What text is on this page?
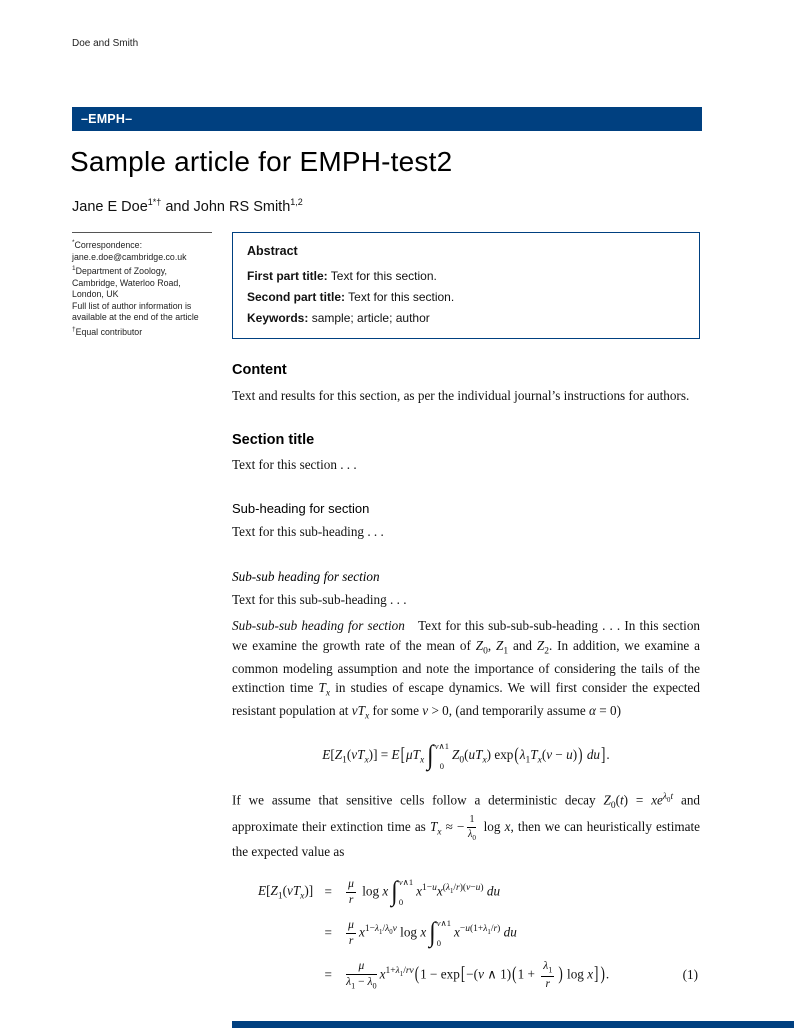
Doe and Smith
–EMPH–
Sample article for EMPH-test2
Jane E Doe$^{1*\dagger}$ and John RS Smith$^{1,2}$
*Correspondence:
jane.e.doe@cambridge.co.uk
$^1$Department of Zoology,
Cambridge, Waterloo Road,
London, UK
Full list of author information is
available at the end of the article
†Equal contributor
Abstract
First part title: Text for this section.
Second part title: Text for this section.
Keywords: sample; article; author
Content

Text and results for this section, as per the individual journal’s instructions for authors.

Section title

Text for this section . . .

Sub-heading for section

Text for this sub-heading . . .

Sub-sub heading for section

Text for this sub-sub-heading . . .

Sub-sub-sub heading for section  Text for this sub-sub-sub-heading . . . In this section we examine the growth rate of the mean of $Z_0$, $Z_1$ and $Z_2$. In addition, we examine a common modeling assumption and note the importance of considering the tails of the extinction time $T_x$ in studies of escape dynamics. We will first consider the expected resistant population at $vT_x$ for some v > 0, (and temporarily assume α = 0)

$E[Z_1(vT_x)] = E[\mu T_x$ ∫ v∧1
0
$Z_0(uT_x) \exp(\lambda_1T_x(v - u))$ du].

If we assume that sensitive cells follow a deterministic decay $Z_0(t) = xe^{\lambda_0t}$ and approximate their extinction time as $T_x$ ≈ − $\frac{1}{\lambda_0}$ log x, then we can heuristically estimate the expected value as

$E[Z_1(vT_x)]$ =	$\frac{\mu}{r}$ log x ∫ v∧1
0
$x^{1-u}x^{(\lambda_1/r)(v-u)}$ du
=	$\frac{\mu}{r} x^{1-\lambda_1/\lambda_0v}$ log x ∫ v∧1
0
$x^{-u(1+\lambda_1/r)}$ du
=	$\frac{\mu}{\lambda_1 - \lambda_0} x^{1+\lambda_1/rv}(1 - \exp[-(v$ ∧ $1)(1 + \frac{\lambda_1}{r}$ ) log x] ).	(1)
